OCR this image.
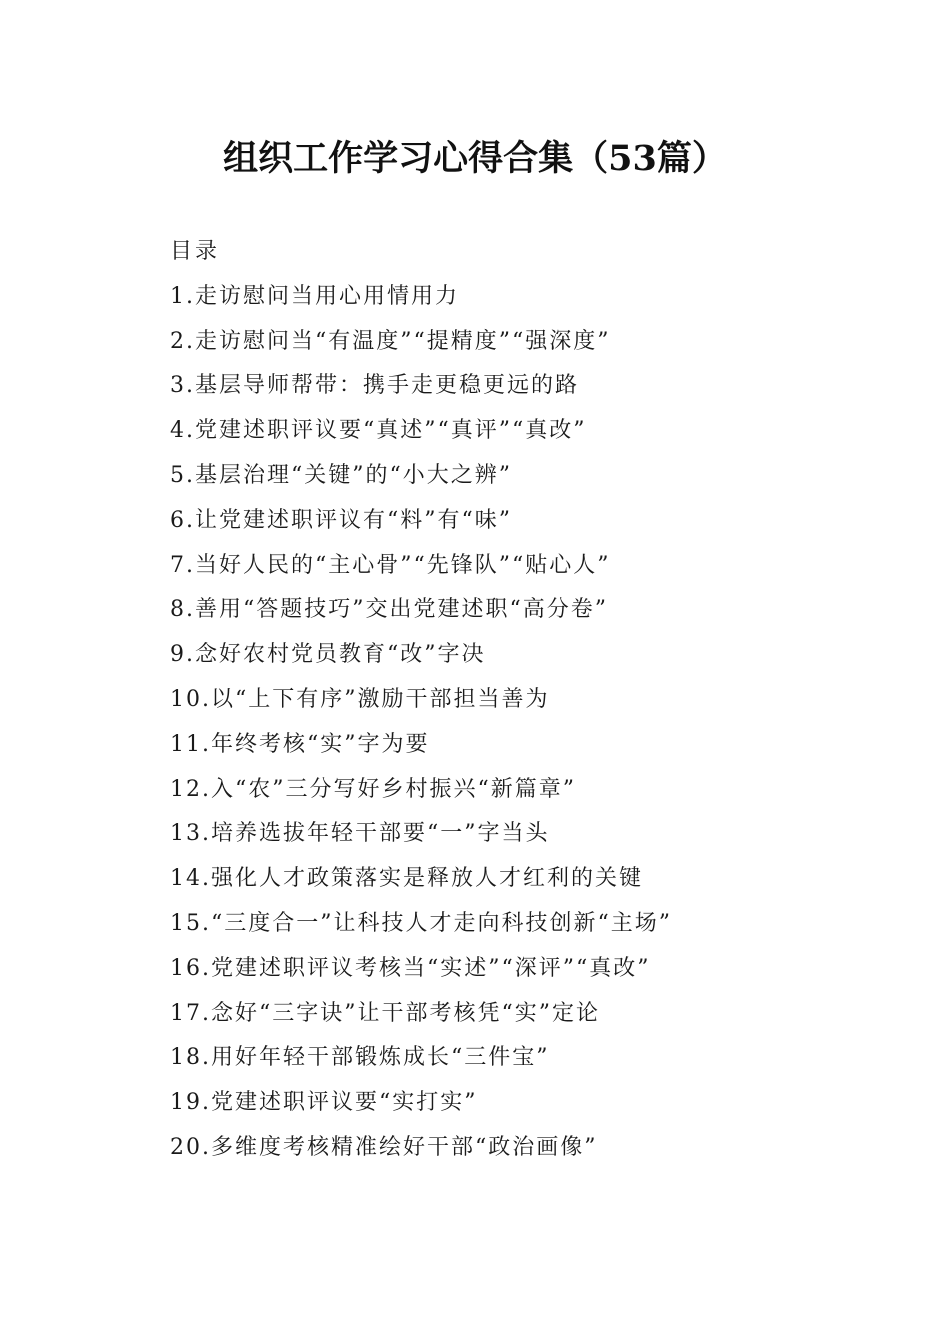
组织工作学习心得合集（53篇）
目录
1.走访慰问当用心用情用力
2.走访慰问当“有温度”“提精度”“强深度”
3.基层导师帮带：携手走更稳更远的路
4.党建述职评议要“真述”“真评”“真改”
5.基层治理“关键”的“小大之辨”
6.让党建述职评议有“料”有“味”
7.当好人民的“主心骨”“先锋队”“贴心人”
8.善用“答题技巧”交出党建述职“高分卷”
9.念好农村党员教育“改”字决
10.以“上下有序”激励干部担当善为
11.年终考核“实”字为要
12.入“农”三分写好乡村振兴“新篇章”
13.培养选拔年轻干部要“一”字当头
14.强化人才政策落实是释放人才红利的关键
15.“三度合一”让科技人才走向科技创新“主场”
16.党建述职评议考核当“实述”“深评”“真改”
17.念好“三字诀”让干部考核凭“实”定论
18.用好年轻干部锻炼成长“三件宝”
19.党建述职评议要“实打实”
20.多维度考核精准绘好干部“政治画像”
